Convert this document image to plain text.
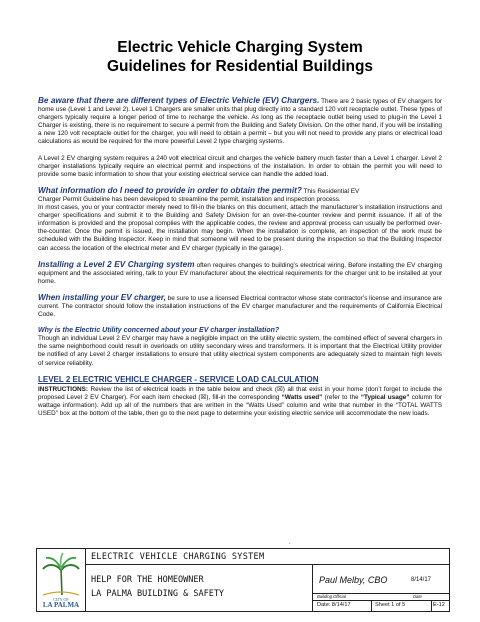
Electric Vehicle Charging System
Guidelines for Residential Buildings

Be aware that there are different types of Electric Vehicle (EV) Chargers. There are 2 basic types of EV chargers for home use (Level 1 and Level 2). Level 1 Chargers are smaller units that plug directly into a standard 120 volt receptacle outlet. These types of chargers typically require a longer period of time to recharge the vehicle. As long as the receptacle outlet being used to plug-in the Level 1 Charger is existing, there is no requirement to secure a permit from the Building and Safety Division. On the other hand, if you will be installing a new 120 volt receptacle outlet for the charger, you will need to obtain a permit – but you will not need to provide any plans or electrical load calculations as would be required for the more powerful Level 2 type charging systems.

A Level 2 EV charging system requires a 240 volt electrical circuit and charges the vehicle battery much faster than a Level 1 charger. Level 2 charger installations typically require an electrical permit and inspections of the installation. In order to obtain the permit you will need to provide some basic information to show that your existing electrical service can handle the added load.

What information do I need to provide in order to obtain the permit? This Residential EV
Charger Permit Guideline has been developed to streamline the permit, installation and inspection process.
In most cases, you or your contractor merely need to fill-in the blanks on this document, attach the manufacturer’s installation instructions and charger specifications and submit it to the Building and Safety Division for an over-the-counter review and permit issuance. If all of the information is provided and the proposal complies with the applicable codes, the review and approval process can usually be performed over-the-counter. Once the permit is issued, the installation may begin. When the installation is complete, an inspection of the work must be scheduled with the Building Inspector. Keep in mind that someone will need to be present during the inspection so that the Building Inspector can access the location of the electrical meter and EV charger (typically in the garage).

Installing a Level 2 EV Charging system often requires changes to building’s electrical wiring. Before installing the EV charging equipment and the associated wiring, talk to your EV manufacturer about the electrical requirements for the charger unit to be installed at your home.

When installing your EV charger, be sure to use a licensed Electrical contractor whose state contractor’s license and insurance are current. The contractor should follow the installation instructions of the EV charger manufacturer and the requirements of California Electrical Code.

Why is the Electric Utility concerned about your EV charger installation?
Though an individual Level 2 EV charger may have a negligible impact on the utility electric system, the combined effect of several chargers in the same neighborhood could result in overloads on utility secondary wires and transformers. It is important that the Electrical Utility provider be notified of any Level 2 charger installations to ensure that utility electrical system components are adequately sized to maintain high levels of service reliability.

LEVEL 2 ELECTRIC VEHICLE CHARGER - SERVICE LOAD CALCULATION
INSTRUCTIONS: Review the list of electrical loads in the table below and check (☒) all that exist in your home (don’t forget to include the proposed Level 2 EV Charger). For each item checked (☒), fill-in the corresponding “Watts used” (refer to the “Typical usage” column for wattage information). Add up all of the numbers that are written in the “Watts Used” column and write that number in the “TOTAL WATTS USED” box at the bottom of the table, then go to the next page to determine your existing electric service will accommodate the new loads.

.
CITY OF
LA PALMA
ELECTRIC VEHICLE CHARGING SYSTEM
HELP FOR THE HOMEOWNER
LA PALMA BUILDING & SAFETY
Paul Melby, CBO	8/14/17
Building Official	Date
Date: 8/14/17	Sheet 1 of 5	E-12
